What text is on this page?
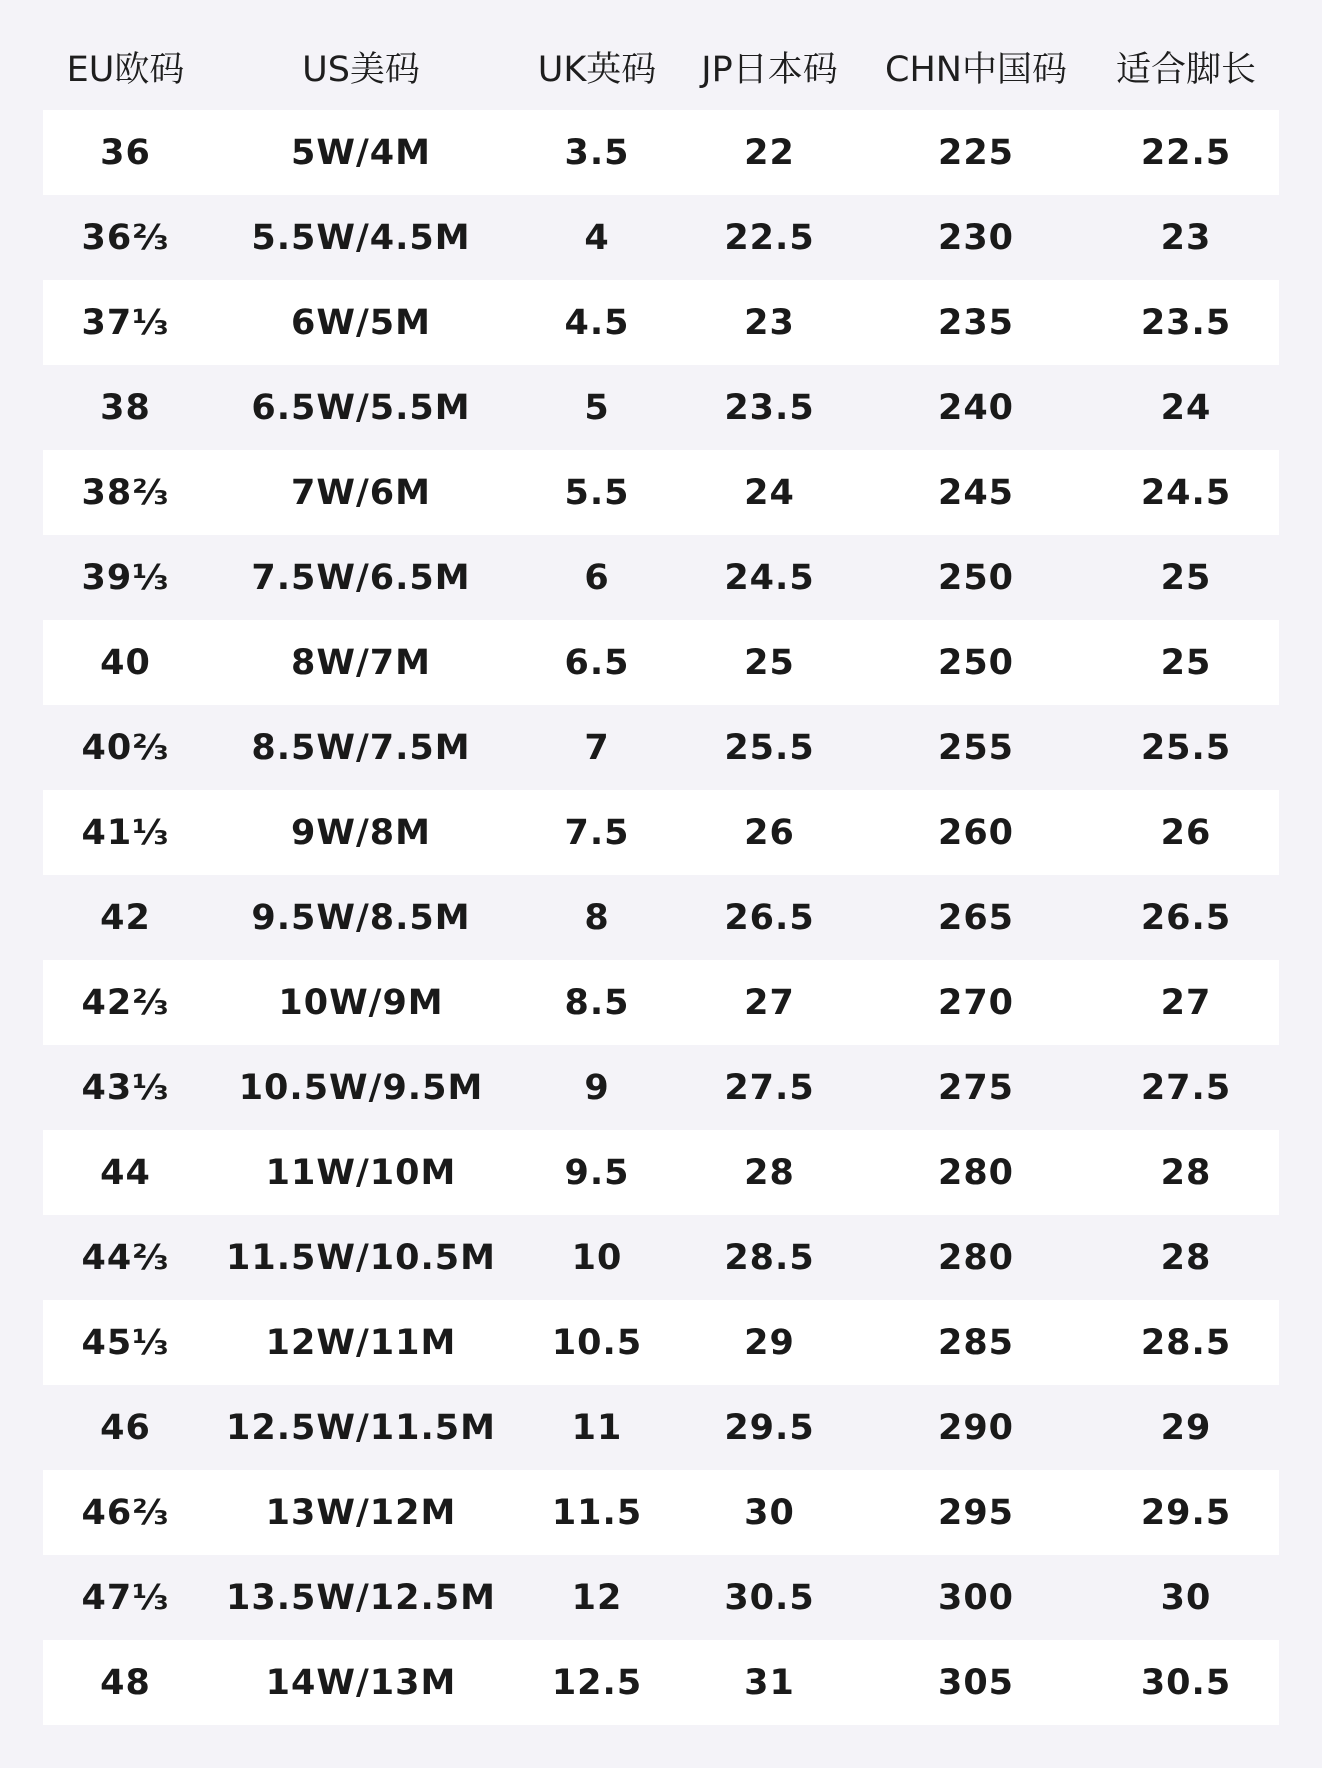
EU欧码	US美码	UK英码	JP日本码	CHN中国码	适合脚长
36	5W/4M	3.5	22	225	22.5
36⅔	5.5W/4.5M	4	22.5	230	23
37⅓	6W/5M	4.5	23	235	23.5
38	6.5W/5.5M	5	23.5	240	24
38⅔	7W/6M	5.5	24	245	24.5
39⅓	7.5W/6.5M	6	24.5	250	25
40	8W/7M	6.5	25	250	25
40⅔	8.5W/7.5M	7	25.5	255	25.5
41⅓	9W/8M	7.5	26	260	26
42	9.5W/8.5M	8	26.5	265	26.5
42⅔	10W/9M	8.5	27	270	27
43⅓	10.5W/9.5M	9	27.5	275	27.5
44	11W/10M	9.5	28	280	28
44⅔	11.5W/10.5M	10	28.5	280	28
45⅓	12W/11M	10.5	29	285	28.5
46	12.5W/11.5M	11	29.5	290	29
46⅔	13W/12M	11.5	30	295	29.5
47⅓	13.5W/12.5M	12	30.5	300	30
48	14W/13M	12.5	31	305	30.5
